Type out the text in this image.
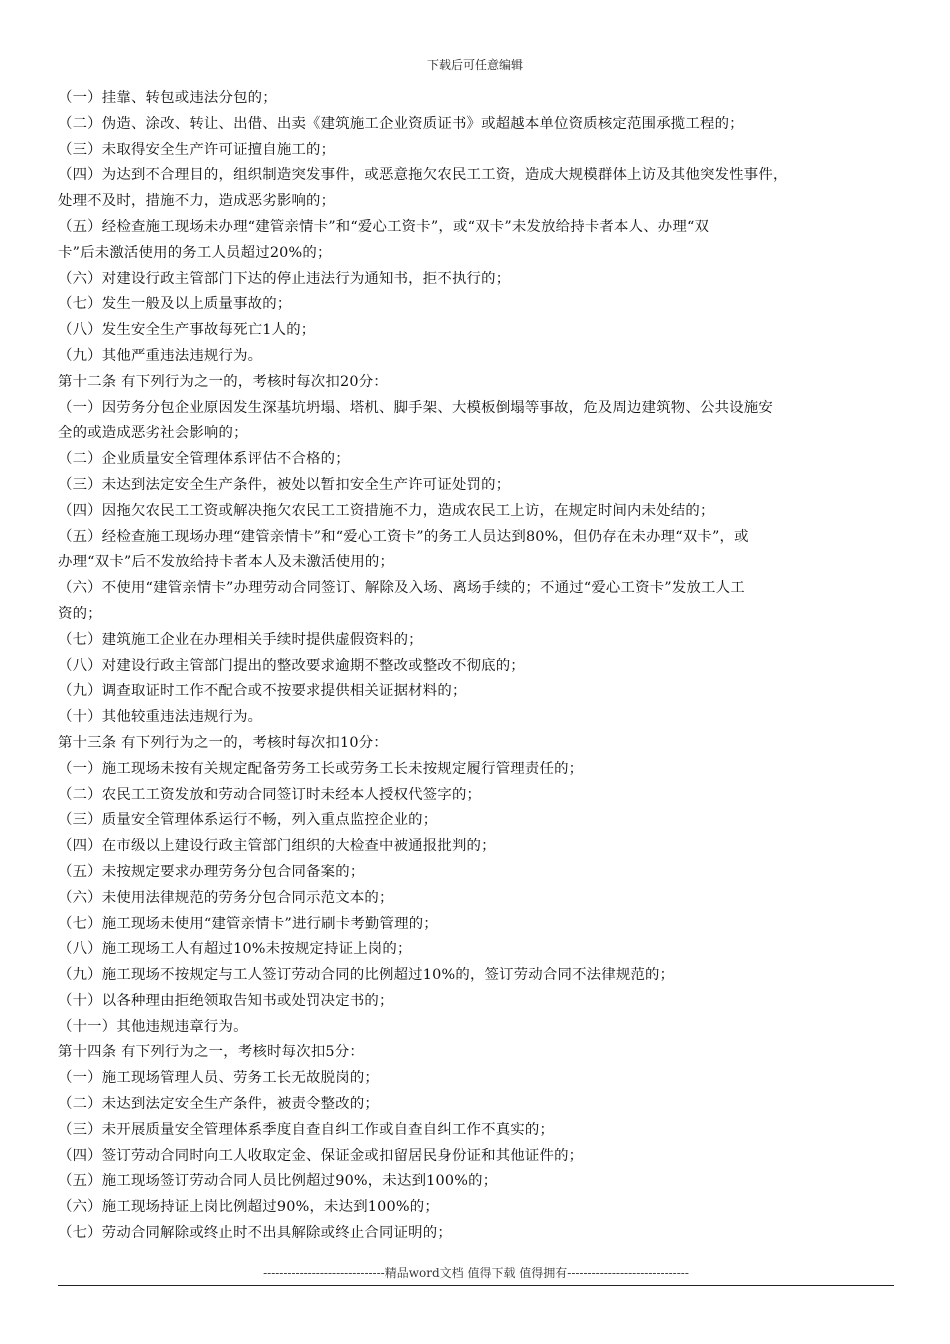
下载后可任意编辑
（一）挂靠、转包或违法分包的；
（二）伪造、涂改、转让、出借、出卖《建筑施工企业资质证书》或超越本单位资质核定范围承揽工程的；
（三）未取得安全生产许可证擅自施工的；
（四）为达到不合理目的，组织制造突发事件，或恶意拖欠农民工工资，造成大规模群体上访及其他突发性事件，
处理不及时，措施不力，造成恶劣影响的；
（五）经检查施工现场未办理“建管亲情卡”和“爱心工资卡”，或“双卡”未发放给持卡者本人、办理“双
卡”后未激活使用的务工人员超过20%的；
（六）对建设行政主管部门下达的停止违法行为通知书，拒不执行的；
（七）发生一般及以上质量事故的；
（八）发生安全生产事故每死亡1人的；
（九）其他严重违法违规行为。
第十二条 有下列行为之一的，考核时每次扣20分：
（一）因劳务分包企业原因发生深基坑坍塌、塔机、脚手架、大模板倒塌等事故，危及周边建筑物、公共设施安
全的或造成恶劣社会影响的；
（二）企业质量安全管理体系评估不合格的；
（三）未达到法定安全生产条件，被处以暂扣安全生产许可证处罚的；
（四）因拖欠农民工工资或解决拖欠农民工工资措施不力，造成农民工上访，在规定时间内未处结的；
（五）经检查施工现场办理“建管亲情卡”和“爱心工资卡”的务工人员达到80%，但仍存在未办理“双卡”，或
办理“双卡”后不发放给持卡者本人及未激活使用的；
（六）不使用“建管亲情卡”办理劳动合同签订、解除及入场、离场手续的；不通过“爱心工资卡”发放工人工
资的；
（七）建筑施工企业在办理相关手续时提供虚假资料的；
（八）对建设行政主管部门提出的整改要求逾期不整改或整改不彻底的；
（九）调查取证时工作不配合或不按要求提供相关证据材料的；
（十）其他较重违法违规行为。
第十三条 有下列行为之一的，考核时每次扣10分：
（一）施工现场未按有关规定配备劳务工长或劳务工长未按规定履行管理责任的；
（二）农民工工资发放和劳动合同签订时未经本人授权代签字的；
（三）质量安全管理体系运行不畅，列入重点监控企业的；
（四）在市级以上建设行政主管部门组织的大检查中被通报批判的；
（五）未按规定要求办理劳务分包合同备案的；
（六）未使用法律规范的劳务分包合同示范文本的；
（七）施工现场未使用“建管亲情卡”进行刷卡考勤管理的；
（八）施工现场工人有超过10%未按规定持证上岗的；
（九）施工现场不按规定与工人签订劳动合同的比例超过10%的，签订劳动合同不法律规范的；
（十）以各种理由拒绝领取告知书或处罚决定书的；
（十一）其他违规违章行为。
第十四条 有下列行为之一，考核时每次扣5分：
（一）施工现场管理人员、劳务工长无故脱岗的；
（二）未达到法定安全生产条件，被责令整改的；
（三）未开展质量安全管理体系季度自查自纠工作或自查自纠工作不真实的；
（四）签订劳动合同时向工人收取定金、保证金或扣留居民身份证和其他证件的；
（五）施工现场签订劳动合同人员比例超过90%，未达到100%的；
（六）施工现场持证上岗比例超过90%，未达到100%的；
（七）劳动合同解除或终止时不出具解除或终止合同证明的；
------------------------------精品word文档 值得下载 值得拥有------------------------------
